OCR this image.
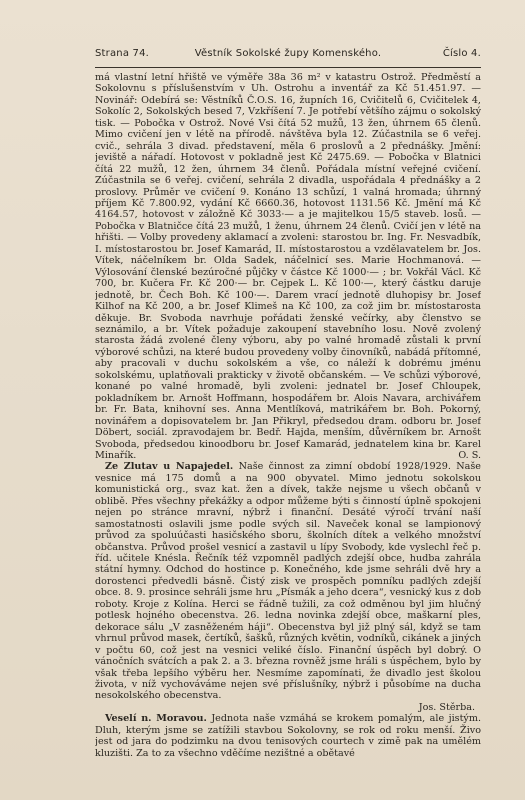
Strana 74.	Věstník Sokolské župy Komenského.	Číslo 4.

má vlastní letní hřiště ve výměře 38a 36 m² v katastru Ostrož. Předměstí a Sokolovnu s příslušenstvím v Uh. Ostrohu a inventář za Kč 51.451.97. — Novinář: Odebírá se: Věstníků Č.O.S. 16, župních 16, Cvičitelů 6, Cvičitelek 4, Sokolíc 2, Sokolských besed 7, Vzkříšení 7. Je potřebí většího zájmu o sokolský tisk. — Pobočka v Ostrož. Nové Vsi čítá 52 mužů, 13 žen, úhrnem 65 členů. Mimo cvičení jen v létě na přírodě. návštěva byla 12. Zúčastnila se 6 veřej. cvič., sehrála 3 divad. představení, měla 6 proslovů a 2 přednášky. Jmění: jeviště a nářadí. Hotovost v pokladně jest Kč 2475.69. — Pobočka v Blatnici čítá 22 mužů, 12 žen, úhrnem 34 členů. Pořádala místní veřejné cvičení. Zúčastnila se 6 veřej. cvičení, sehrála 2 divadla, uspořádala 4 přednášky a 2 proslovy. Průměr ve cvičení 9. Konáno 13 schůzí, 1 valná hromada; úhrnný příjem Kč 7.800.92, vydání Kč 6660.36, hotovost 1131.56 Kč. Jmění má Kč 4164.57, hotovost v záložně Kč 3033·— a je majitelkou 15/5 staveb. losů. — Pobočka v Blatničce čítá 23 mužů, 1 ženu, úhrnem 24 členů. Cvičí jen v létě na hřišti. — Volby provedeny aklamací a zvoleni: starostou br. Ing. Fr. Nesvadbík, I. místostarostou br. Josef Kamarád, II. místostarostou a vzdělavatelem br. Jos. Vítek, náčelníkem br. Olda Sadek, náčelnicí ses. Marie Hochmanová. — Výlosování členské bezúročné půjčky v částce Kč 1000·— ; br. Vokřál Václ. Kč 700, br. Kučera Fr. Kč 200·— br. Cejpek L. Kč 100·—, který částku daruje jednotě, br. Čech Boh. Kč 100·—. Darem vrací jednotě dluhopisy br. Josef Kilhof na Kč 200, a br. Josef Klimeš na Kč 100, za což jim br. místostarosta děkuje. Br. Svoboda navrhuje pořádati ženské večírky, aby členstvo se seznámilo, a br. Vítek požaduje zakoupení stavebního losu. Nově zvolený starosta žádá zvolené členy výboru, aby po valné hromadě zůstali k první výborové schůzi, na které budou provedeny volby činovníků, nabádá přítomné, aby pracovali v duchu sokolském a vše, co náleží k dobrému jménu sokolskému, uplatňovali prakticky v životě občanském. — Ve schůzi výborové, konané po valné hromadě, byli zvoleni: jednatel br. Josef Chloupek, pokladníkem br. Arnošt Hoffmann, hospodářem br. Alois Navara, archivářem br. Fr. Bata, knihovní ses. Anna Mentlíková, matrikářem br. Boh. Pokorný, novinářem a dopisovatelem br. Jan Přikryl, předsedou dram. odboru br. Josef Döbert, sociál. zpravodajem br. Bedř. Hajda, menším, důvěrníkem br. Arnošt Svoboda, předsedou kinoodboru br. Josef Kamarád, jednatelem kina br. Karel Minařík.	O. S.

Ze Zlutav u Napajedel. Naše činnost za zimní období 1928/1929. Naše vesnice má 175 domů a na 900 obyvatel. Mimo jednotu sokolskou komunistická org., svaz kat. žen a dívek, takže nejsme u všech občanů v oblibě. Přes všechny překážky a odpor můžeme býti s činností úplně spokojeni nejen po stránce mravní, nýbrž i finanční. Desáté výročí trvání naší samostatnosti oslavili jsme podle svých sil. Naveček konal se lampionový průvod za spoluúčasti hasičského sboru, školních dítek a velkého množství občanstva. Průvod prošel vesnicí a zastavil u lípy Svobody, kde vyslechl řeč p. říd. učitele Knésla. Řečník též vzpomněl padlých zdejší obce, hudba zahrála státní hymny. Odchod do hostince p. Konečného, kde jsme sehráli dvě hry a dorostenci předvedli básně. Čistý zisk ve prospěch pomníku padlých zdejší obce. 8. 9. prosince sehráli jsme hru „Písmák a jeho dcera“, vesnický kus z dob roboty. Kroje z Kolína. Herci se řádně tužili, za což odměnou byl jim hlučný potlesk hojného obecenstva. 26. ledna novinka zdejší obce, maškarní ples, dekorace sálu „V zasněženém háji“. Obecenstva byl již plný sál, když se tam vhrnul průvod masek, čertíků, šašků, různých květin, vodníků, cikánek a jiných v počtu 60, což jest na vesnici veliké číslo. Finanční úspěch byl dobrý. O vánočních svátcích a pak 2. a 3. března rovněž jsme hráli s úspěchem, bylo by však třeba lepšího výběru her. Nesmíme zapomínati, že divadlo jest školou života, v níž vychováváme nejen své příslušníky, nýbrž i působíme na ducha nesokolského obecenstva.
Jos. Stěrba.

Veselí n. Moravou. Jednota naše vzmáhá se krokem pomalým, ale jistým. Dluh, kterým jsme se zatížili stavbou Sokolovny, se rok od roku menší. Živo jest od jara do podzimku na dvou tenisových courtech v zimě pak na umělém kluzišti. Za to za všechno vděčíme nezištné a obětavé
